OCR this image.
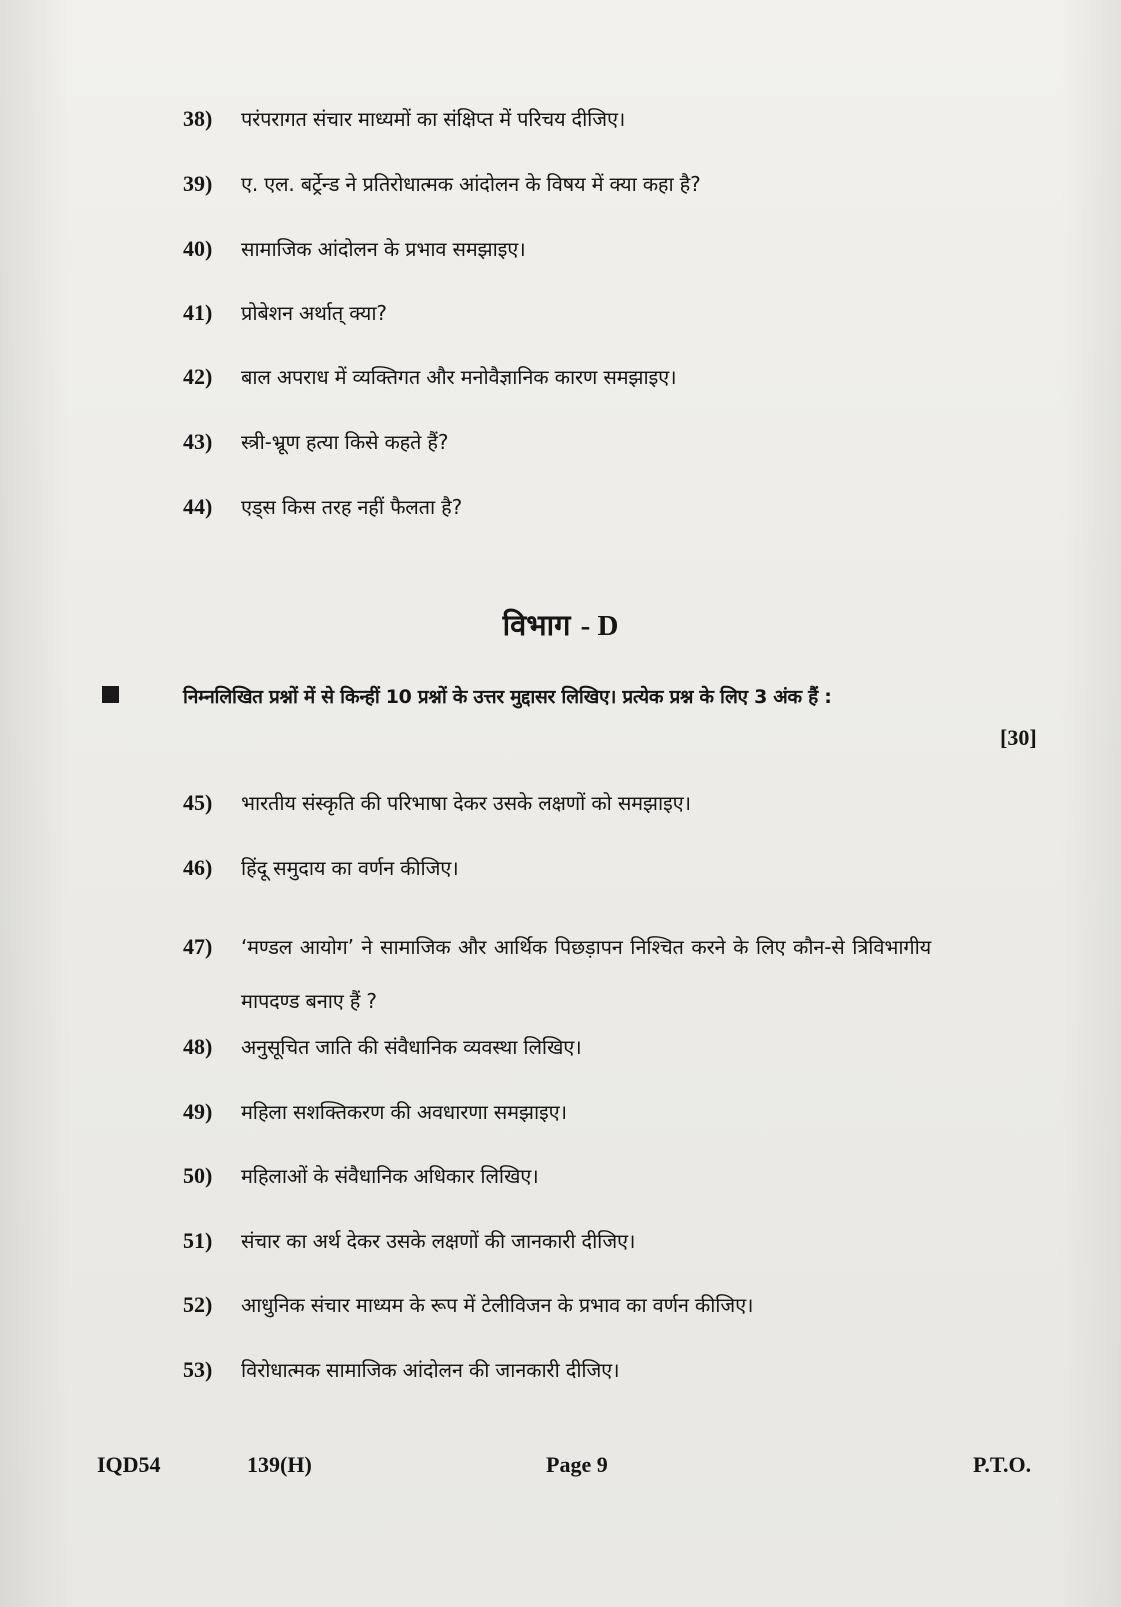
38)	परंपरागत संचार माध्यमों का संक्षिप्त में परिचय दीजिए।
39)	ए. एल. बर्ट्रेन्ड ने प्रतिरोधात्मक आंदोलन के विषय में क्या कहा है?
40)	सामाजिक आंदोलन के प्रभाव समझाइए।
41)	प्रोबेशन अर्थात् क्या?
42)	बाल अपराध में व्यक्तिगत और मनोवैज्ञानिक कारण समझाइए।
43)	स्त्री-भ्रूण हत्या किसे कहते हैं?
44)	एड्स किस तरह नहीं फैलता है?
विभाग - D
निम्नलिखित प्रश्नों में से किन्हीं 10 प्रश्नों के उत्तर मुद्दासर लिखिए। प्रत्येक प्रश्न के लिए 3 अंक हैं :
[30]
45)	भारतीय संस्कृति की परिभाषा देकर उसके लक्षणों को समझाइए।
46)	हिंदू समुदाय का वर्णन कीजिए।
47)	‘मण्डल आयोग’ ने सामाजिक और आर्थिक पिछड़ापन निश्चित करने के लिए कौन-से त्रिविभागीय मापदण्ड बनाए हैं ?
48)	अनुसूचित जाति की संवैधानिक व्यवस्था लिखिए।
49)	महिला सशक्तिकरण की अवधारणा समझाइए।
50)	महिलाओं के संवैधानिक अधिकार लिखिए।
51)	संचार का अर्थ देकर उसके लक्षणों की जानकारी दीजिए।
52)	आधुनिक संचार माध्यम के रूप में टेलीविजन के प्रभाव का वर्णन कीजिए।
53)	विरोधात्मक सामाजिक आंदोलन की जानकारी दीजिए।
IQD54	139(H)	Page 9	P.T.O.
